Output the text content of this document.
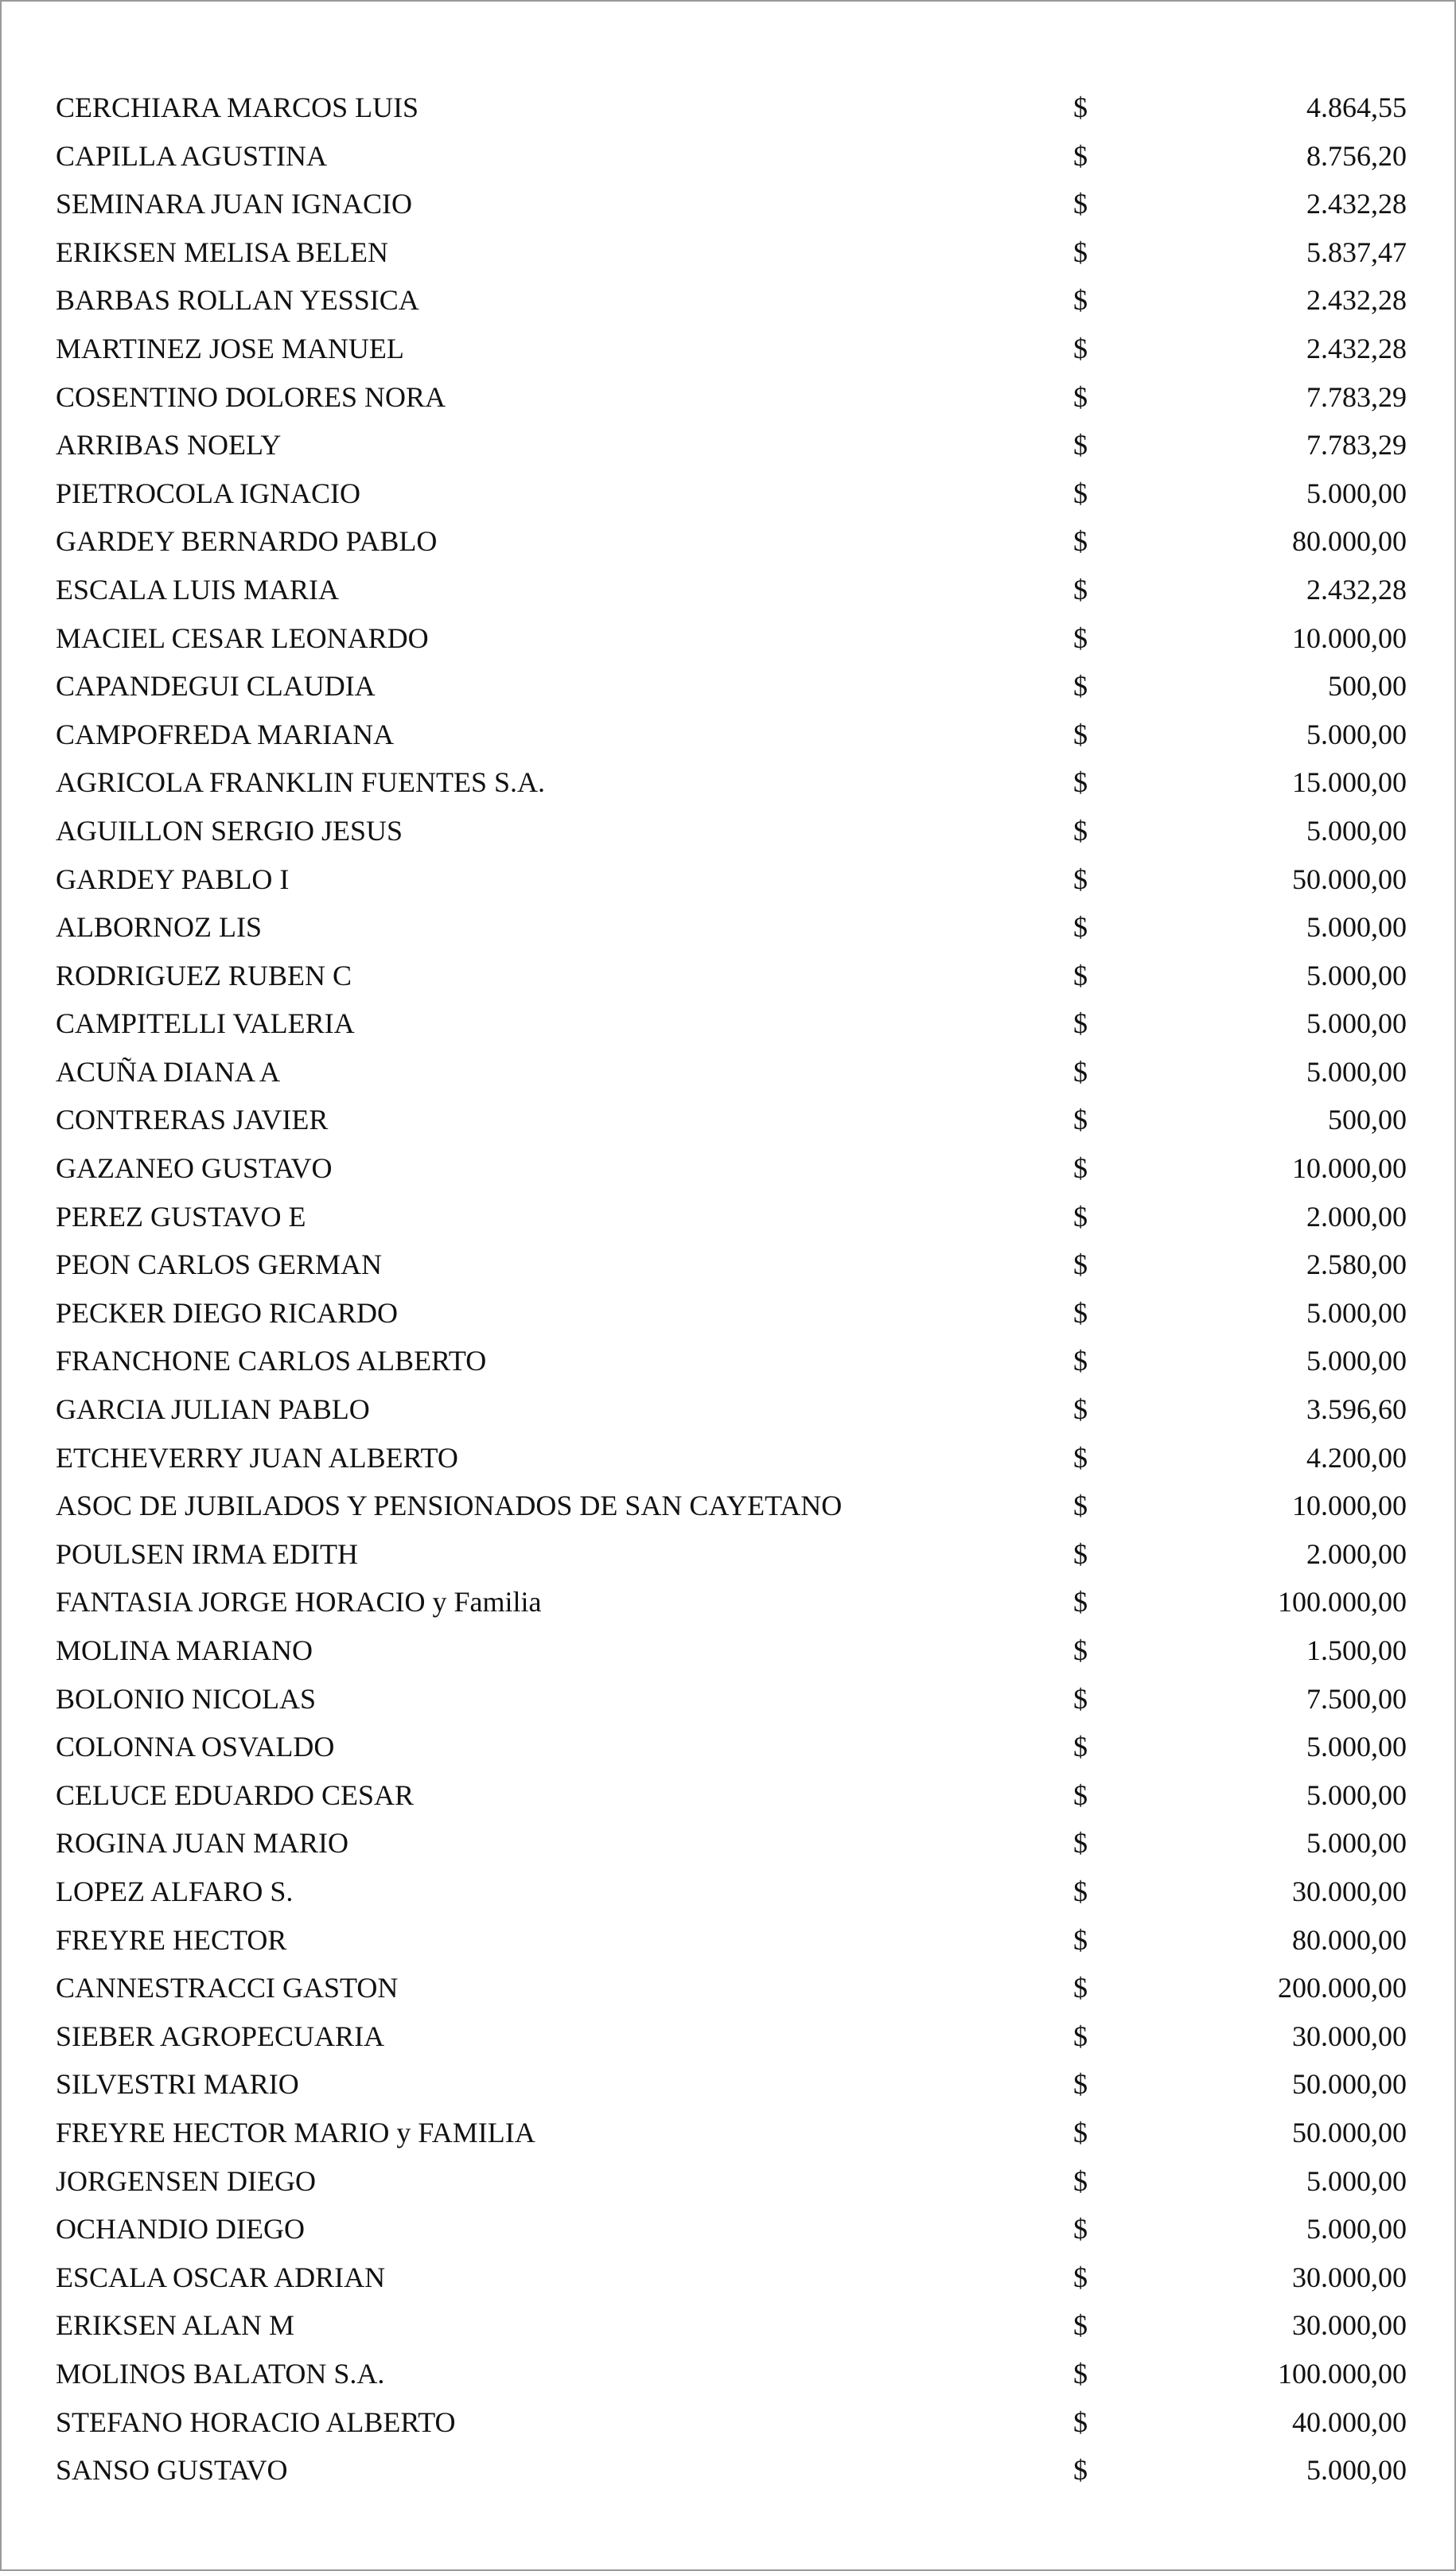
CERCHIARA MARCOS LUIS	$	4.864,55
CAPILLA AGUSTINA	$	8.756,20
SEMINARA JUAN IGNACIO	$	2.432,28
ERIKSEN MELISA BELEN	$	5.837,47
BARBAS ROLLAN YESSICA	$	2.432,28
MARTINEZ JOSE MANUEL	$	2.432,28
COSENTINO DOLORES NORA	$	7.783,29
ARRIBAS NOELY	$	7.783,29
PIETROCOLA IGNACIO	$	5.000,00
GARDEY BERNARDO PABLO	$	80.000,00
ESCALA LUIS MARIA	$	2.432,28
MACIEL CESAR LEONARDO	$	10.000,00
CAPANDEGUI CLAUDIA	$	500,00
CAMPOFREDA MARIANA	$	5.000,00
AGRICOLA FRANKLIN FUENTES S.A.	$	15.000,00
AGUILLON SERGIO JESUS	$	5.000,00
GARDEY PABLO I	$	50.000,00
ALBORNOZ LIS	$	5.000,00
RODRIGUEZ RUBEN C	$	5.000,00
CAMPITELLI VALERIA	$	5.000,00
ACUÑA DIANA A	$	5.000,00
CONTRERAS JAVIER	$	500,00
GAZANEO GUSTAVO	$	10.000,00
PEREZ GUSTAVO E	$	2.000,00
PEON CARLOS GERMAN	$	2.580,00
PECKER DIEGO RICARDO	$	5.000,00
FRANCHONE CARLOS ALBERTO	$	5.000,00
GARCIA JULIAN PABLO	$	3.596,60
ETCHEVERRY JUAN ALBERTO	$	4.200,00
ASOC DE JUBILADOS Y PENSIONADOS DE SAN CAYETANO	$	10.000,00
POULSEN IRMA EDITH	$	2.000,00
FANTASIA JORGE HORACIO y Familia	$	100.000,00
MOLINA MARIANO	$	1.500,00
BOLONIO NICOLAS	$	7.500,00
COLONNA OSVALDO	$	5.000,00
CELUCE EDUARDO CESAR	$	5.000,00
ROGINA JUAN MARIO	$	5.000,00
LOPEZ ALFARO S.	$	30.000,00
FREYRE HECTOR	$	80.000,00
CANNESTRACCI GASTON	$	200.000,00
SIEBER AGROPECUARIA	$	30.000,00
SILVESTRI MARIO	$	50.000,00
FREYRE HECTOR MARIO y FAMILIA	$	50.000,00
JORGENSEN DIEGO	$	5.000,00
OCHANDIO DIEGO	$	5.000,00
ESCALA OSCAR ADRIAN	$	30.000,00
ERIKSEN ALAN M	$	30.000,00
MOLINOS BALATON S.A.	$	100.000,00
STEFANO HORACIO ALBERTO	$	40.000,00
SANSO GUSTAVO	$	5.000,00
